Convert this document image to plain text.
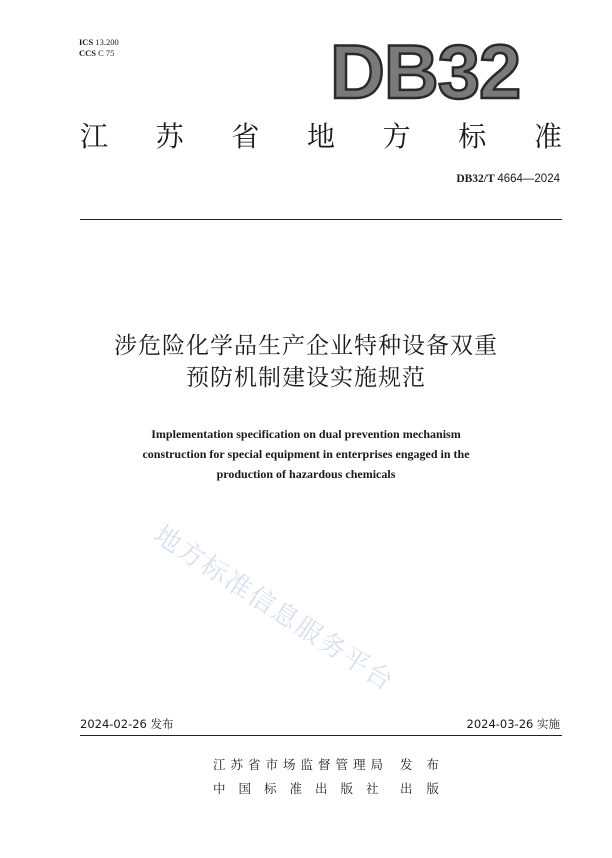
ICS 13.200
CCS C 75	DB32
江 苏 省 地 方 标 准
DB32/T 4664—2024
涉危险化学品生产企业特种设备双重
预防机制建设实施规范
Implementation specification on dual prevention mechanism
construction for special equipment in enterprises engaged in the
production of hazardous chemicals
地方标准信息服务平台
2024-02-26 发布	2024-03-26 实施
江苏省市场监督管理局 发布
中国标准出版社 出版
